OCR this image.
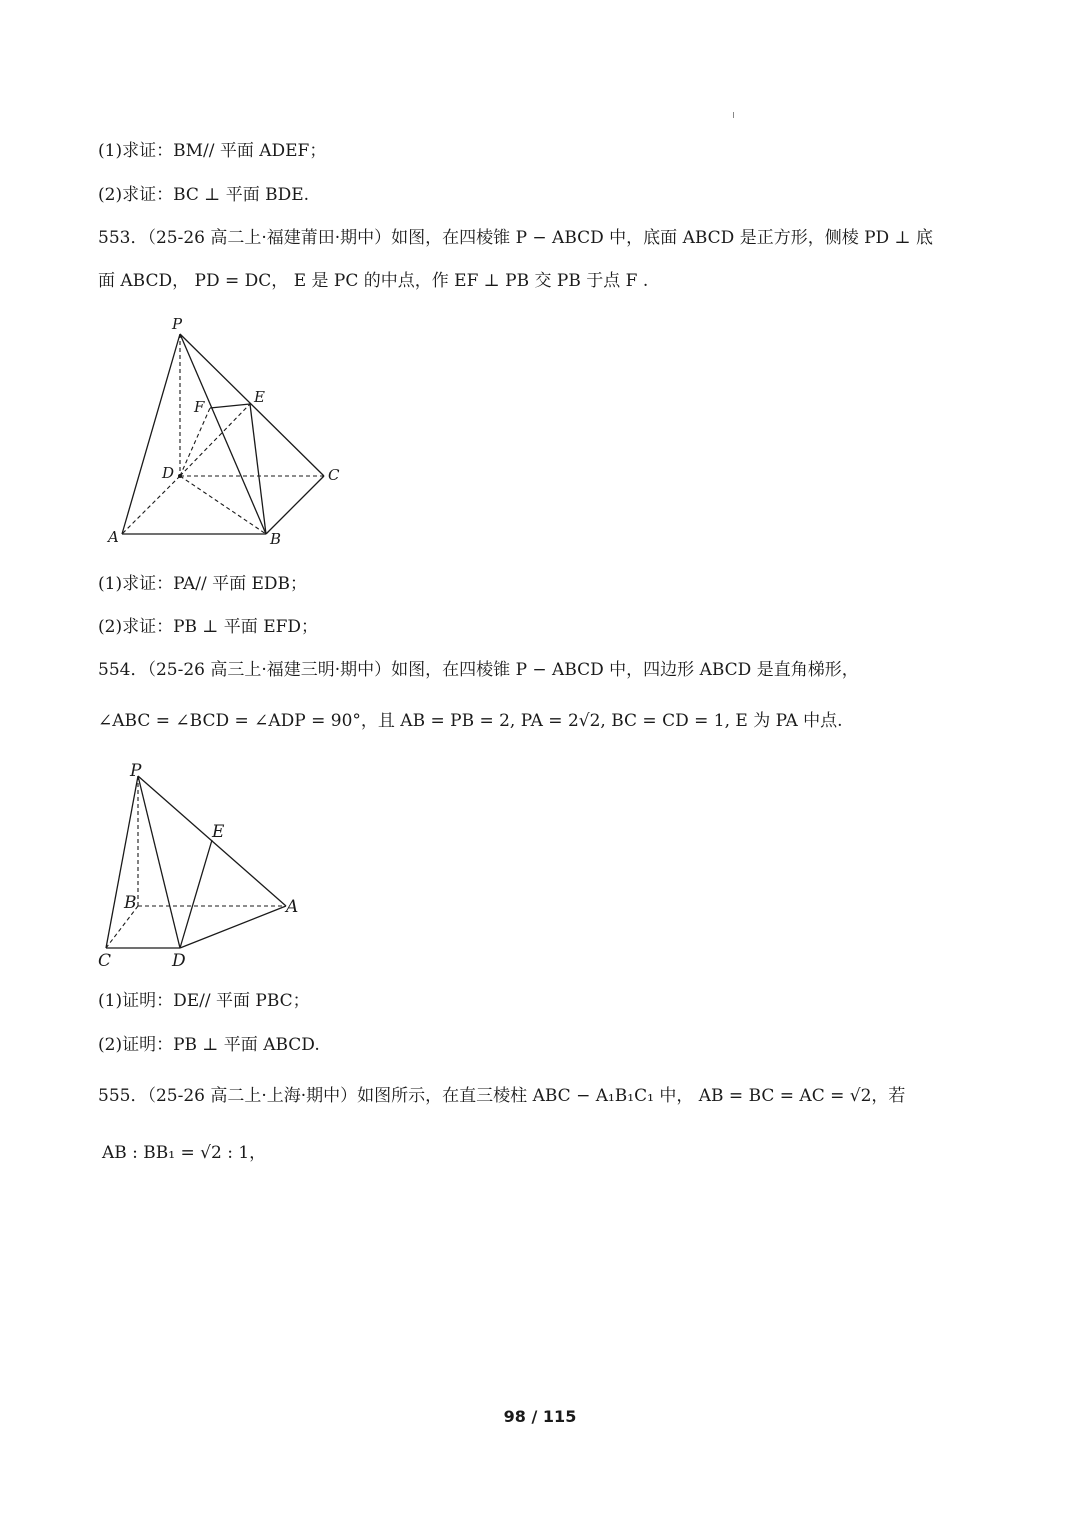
(1)求证：BM// 平面 ADEF；
(2)求证：BC ⊥ 平面 BDE.
553．（25-26 高二上·福建莆田·期中）如图，在四棱锥 P − ABCD 中，底面 ABCD 是正方形，侧棱 PD ⊥ 底
面 ABCD， PD = DC， E 是 PC 的中点，作 EF ⊥ PB 交 PB 于点 F .
P
F
E
D	C
A	B
(1)求证：PA// 平面 EDB；
(2)求证：PB ⊥ 平面 EFD；
554．（25-26 高三上·福建三明·期中）如图，在四棱锥 P − ABCD 中，四边形 ABCD 是直角梯形，
∠ABC = ∠BCD = ∠ADP = 90°，且 AB = PB = 2, PA = 2√2, BC = CD = 1, E 为 PA 中点.
P
E
B	A
C	D
(1)证明：DE// 平面 PBC；
(2)证明：PB ⊥ 平面 ABCD.
555．（25-26 高二上·上海·期中）如图所示，在直三棱柱 ABC − A₁B₁C₁ 中， AB = BC = AC = √2，若
AB : BB₁ = √2 : 1，
98 / 115
